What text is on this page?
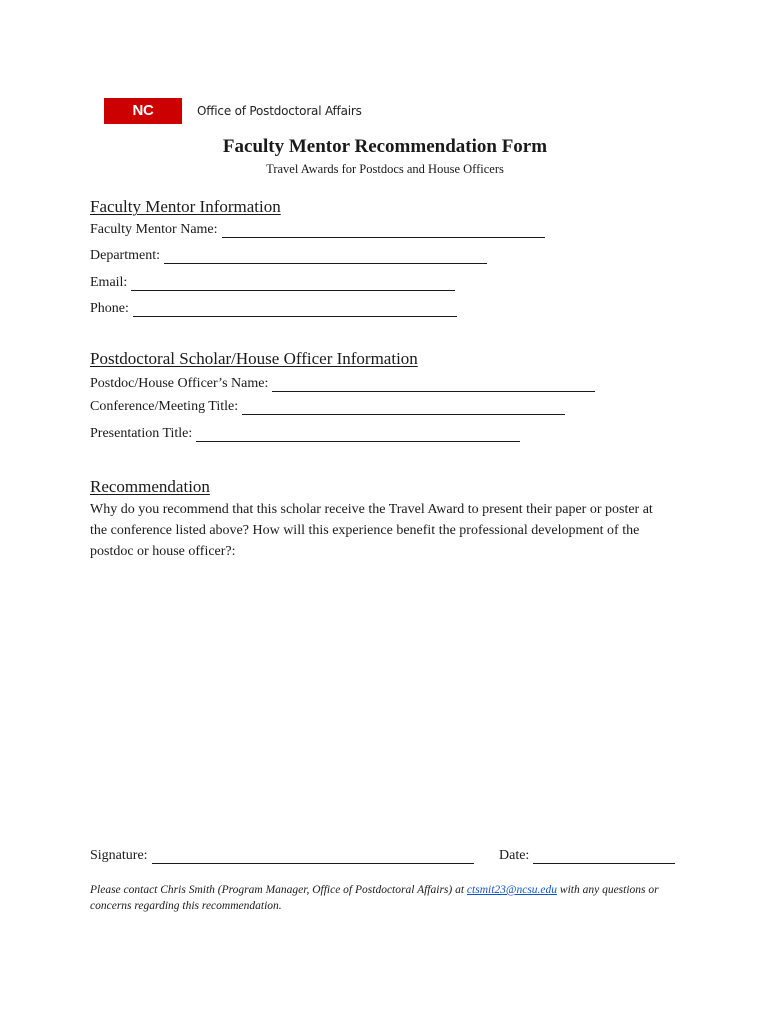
NC STATE
Office of Postdoctoral Affairs
Faculty Mentor Recommendation Form
Travel Awards for Postdocs and House Officers
Faculty Mentor Information
Faculty Mentor Name:
Department:
Email:
Phone:
Postdoctoral Scholar/House Officer Information
Postdoc/House Officer’s Name:
Conference/Meeting Title:
Presentation Title:
Recommendation
Why do you recommend that this scholar receive the Travel Award to present their paper or poster at the conference listed above? How will this experience benefit the professional development of the postdoc or house officer?:
Signature:	Date:
Please contact Chris Smith (Program Manager, Office of Postdoctoral Affairs) at ctsmit23@ncsu.edu with any questions or concerns regarding this recommendation.
